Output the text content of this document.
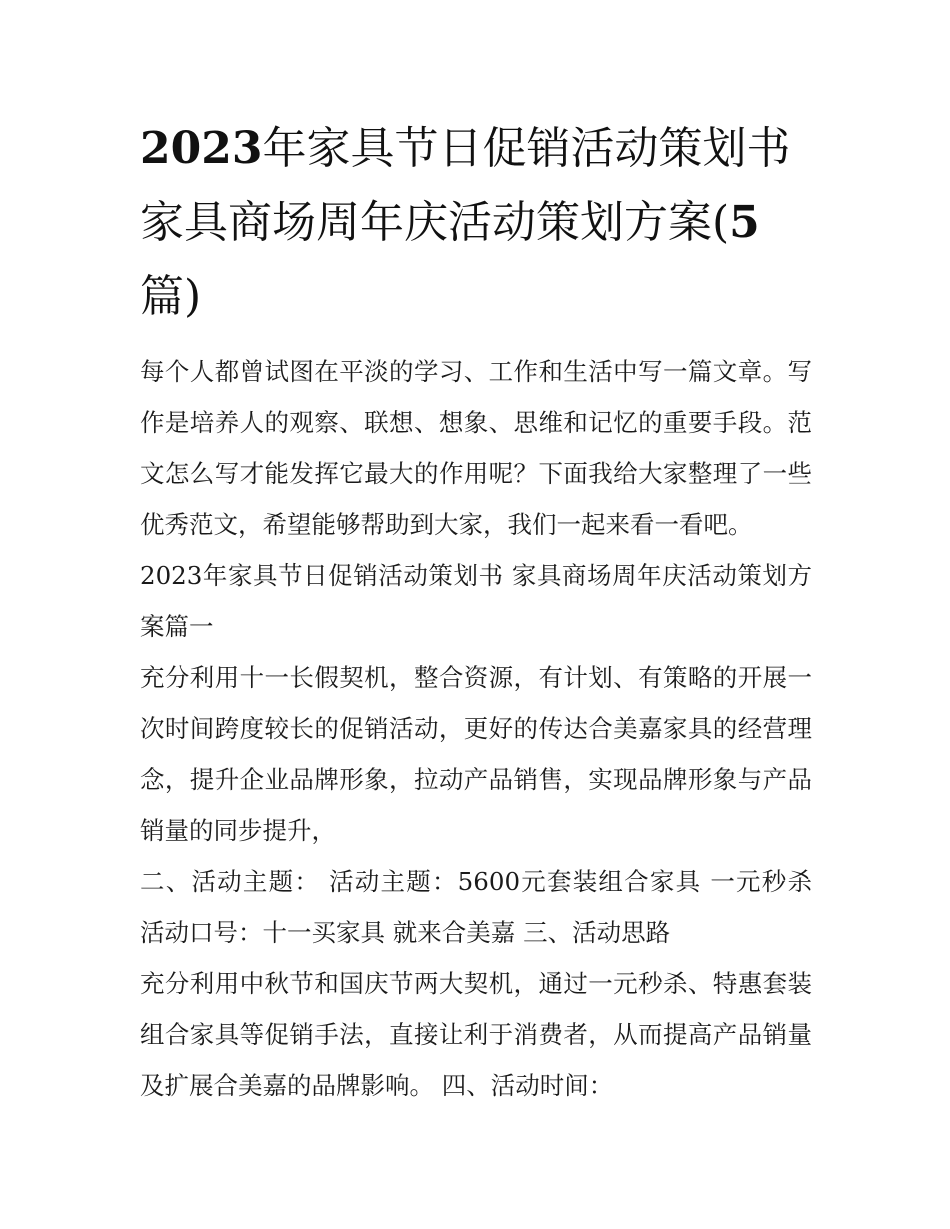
2023年家具节日促销活动策划书 家具商场周年庆活动策划方案(5篇)

每个人都曾试图在平淡的学习、工作和生活中写一篇文章。写作是培养人的观察、联想、想象、思维和记忆的重要手段。范文怎么写才能发挥它最大的作用呢？下面我给大家整理了一些优秀范文，希望能够帮助到大家，我们一起来看一看吧。

2023年家具节日促销活动策划书 家具商场周年庆活动策划方案篇一

充分利用十一长假契机，整合资源，有计划、有策略的开展一次时间跨度较长的促销活动，更好的传达合美嘉家具的经营理念，提升企业品牌形象，拉动产品销售，实现品牌形象与产品销量的同步提升，

二、活动主题： 活动主题：5600元套装组合家具 一元秒杀 活动口号：十一买家具 就来合美嘉 三、活动思路

充分利用中秋节和国庆节两大契机，通过一元秒杀、特惠套装组合家具等促销手法，直接让利于消费者，从而提高产品销量及扩展合美嘉的品牌影响。 四、活动时间：
